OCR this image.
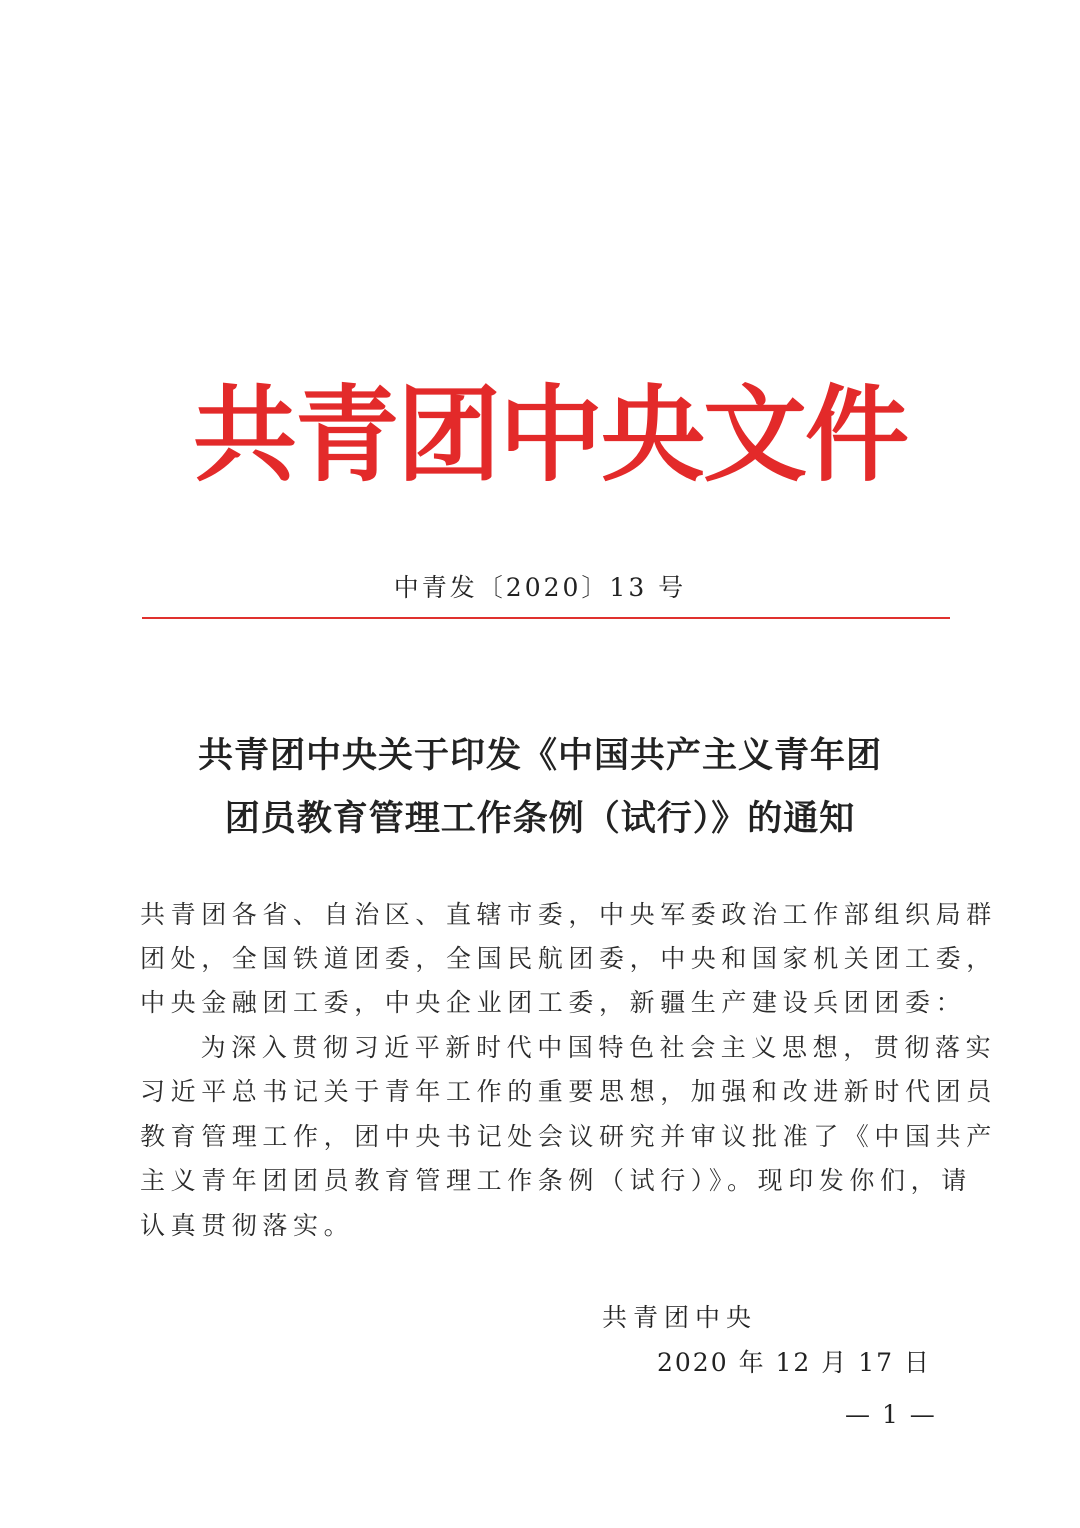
共青团中央文件
中青发〔2020〕13 号
共青团中央关于印发《中国共产主义青年团
团员教育管理工作条例（试行）》的通知
共青团各省、自治区、直辖市委，中央军委政治工作部组织局群
团处，全国铁道团委，全国民航团委，中央和国家机关团工委，
中央金融团工委，中央企业团工委，新疆生产建设兵团团委：
　为深入贯彻习近平新时代中国特色社会主义思想，贯彻落实
习近平总书记关于青年工作的重要思想，加强和改进新时代团员
教育管理工作，团中央书记处会议研究并审议批准了《中国共产
主义青年团团员教育管理工作条例（试行）》。现印发你们，请
认真贯彻落实。
共青团中央
2020 年 12 月 17 日
— 1 —
